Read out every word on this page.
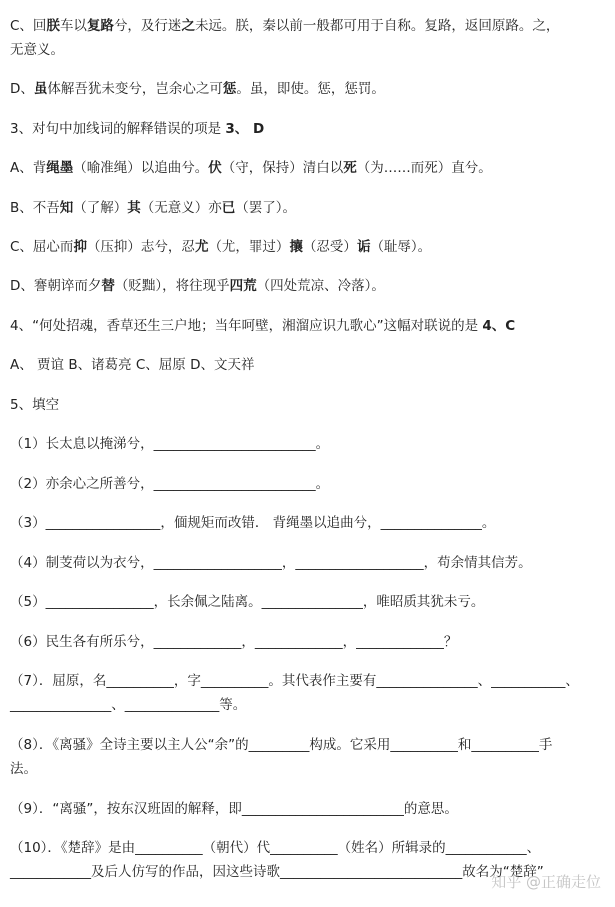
C、回朕车以复路兮，及行迷之未远。朕，秦以前一般都可用于自称。复路，返回原路。之，
无意义。
D、虽体解吾犹未变兮，岂余心之可惩。虽，即使。惩，惩罚。
3、对句中加线词的解释错误的项是 3、 D
A、背绳墨（喻准绳）以追曲兮。伏（守，保持）清白以死（为……而死）直兮。
B、不吾知（了解）其（无意义）亦已（罢了）。
C、屈心而抑（压抑）志兮，忍尤（尤，罪过）攘（忍受）诟（耻辱）。
D、謇朝谇而夕替（贬黜），将往现乎四荒（四处荒凉、冷落）。
4、“何处招魂，香草还生三户地；当年呵壁，湘溜应识九歌心”这幅对联说的是 4、C
A、 贾谊 B、诸葛亮 C、屈原 D、文天祥
5、填空
（1）长太息以掩涕兮，________________________。
（2）亦余心之所善兮，________________________。
（3）_________________，偭规矩而改错． 背绳墨以追曲兮，_______________。
（4）制芰荷以为衣兮，___________________，___________________，苟余情其信芳。
（5）________________，长余佩之陆离。_______________，唯昭质其犹未亏。
（6）民生各有所乐兮，_____________，_____________，_____________？
（7）．屈原，名__________，字__________。其代表作主要有_______________、___________、
_______________、______________等。
（8）．《离骚》全诗主要以主人公“余”的_________构成。它采用__________和__________手
法。
（9）．“离骚”，按东汉班固的解释，即________________________的意思。
（10）．《楚辞》是由__________（朝代）代__________（姓名）所辑录的____________、
____________及后人仿写的作品，因这些诗歌___________________________故名为“楚辞”
知乎 @正确走位
